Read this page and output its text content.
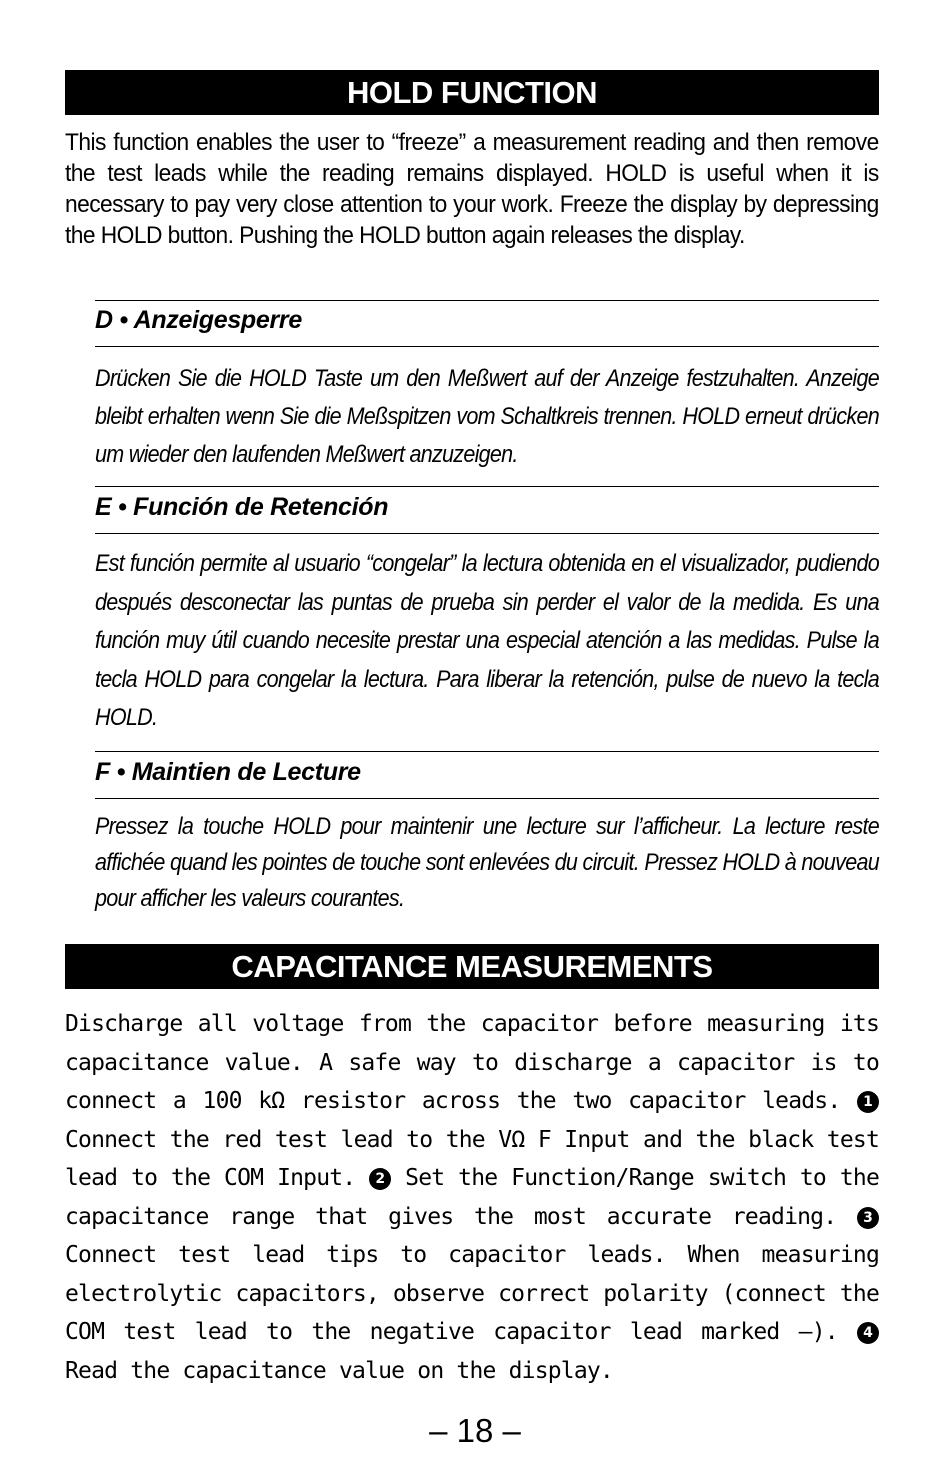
HOLD FUNCTION

This function enables the user to “freeze” a measurement reading and then remove the test leads while the reading remains displayed. HOLD is useful when it is necessary to pay very close attention to your work. Freeze the display by depressing the HOLD button. Pushing the HOLD button again releases the display.

D • Anzeigesperre

Drücken Sie die HOLD Taste um den Meßwert auf der Anzeige festzuhalten. Anzeige bleibt erhalten wenn Sie die Meßspitzen vom Schaltkreis trennen. HOLD erneut drücken um wieder den laufenden Meßwert anzuzeigen.

E • Función de Retención

Est función permite al usuario “congelar” la lectura obtenida en el visualizador, pudiendo después desconectar las puntas de prueba sin perder el valor de la medida. Es una función muy útil cuando necesite prestar una especial atención a las medidas. Pulse la tecla HOLD para congelar la lectura. Para liberar la retención, pulse de nuevo la tecla HOLD.

F • Maintien de Lecture

Pressez la touche HOLD pour maintenir une lecture sur l’afficheur. La lecture reste affichée quand les pointes de touche sont enlevées du circuit. Pressez HOLD à nouveau pour afficher les valeurs courantes.

CAPACITANCE MEASUREMENTS

Discharge all voltage from the capacitor before measuring its capacitance value. A safe way to discharge a capacitor is to connect a 100 kΩ resistor across the two capacitor leads. 1 Connect the red test lead to the VΩ F Input and the black test lead to the COM Input. 2 Set the Function/Range switch to the capacitance range that gives the most accurate reading. 3 Connect test lead tips to capacitor leads. When measuring electrolytic capacitors, observe correct polarity (connect the COM test lead to the negative capacitor lead marked –). 4 Read the capacitance value on the display.

– 18 –
